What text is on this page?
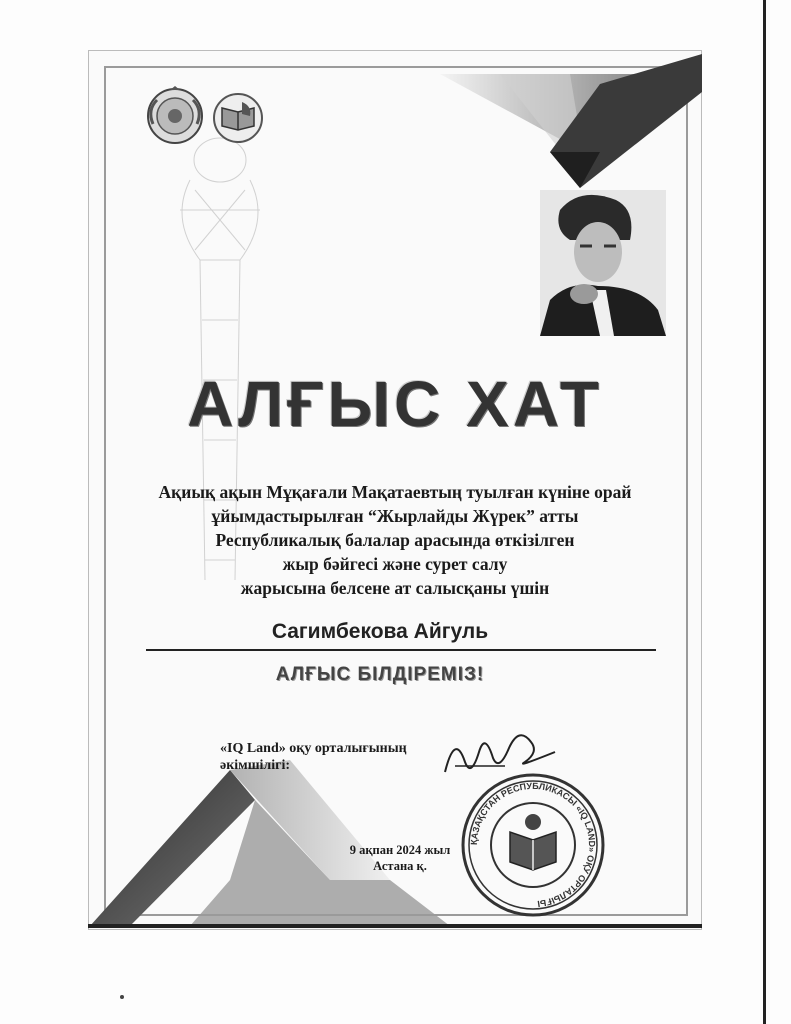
АЛҒЫС ХАТ
Ақиық ақын Мұқағали Мақатаевтың туылған күніне орай
ұйымдастырылған “Жырлайды Жүрек” атты
Республикалық балалар арасында өткізілген
жыр бәйгесі және сурет салу
жарысына белсене ат салысқаны үшін
Сагимбекова Айгуль
АЛҒЫС БІЛДІРЕМІЗ!
«IQ Land» оқу орталығының
әкімшілігі:
ҚАЗАҚСТАН РЕСПУБЛИКАСЫ «IQ LAND» ОҚУ ОРТАЛЫҒЫ
9 ақпан 2024 жыл
Астана қ.
